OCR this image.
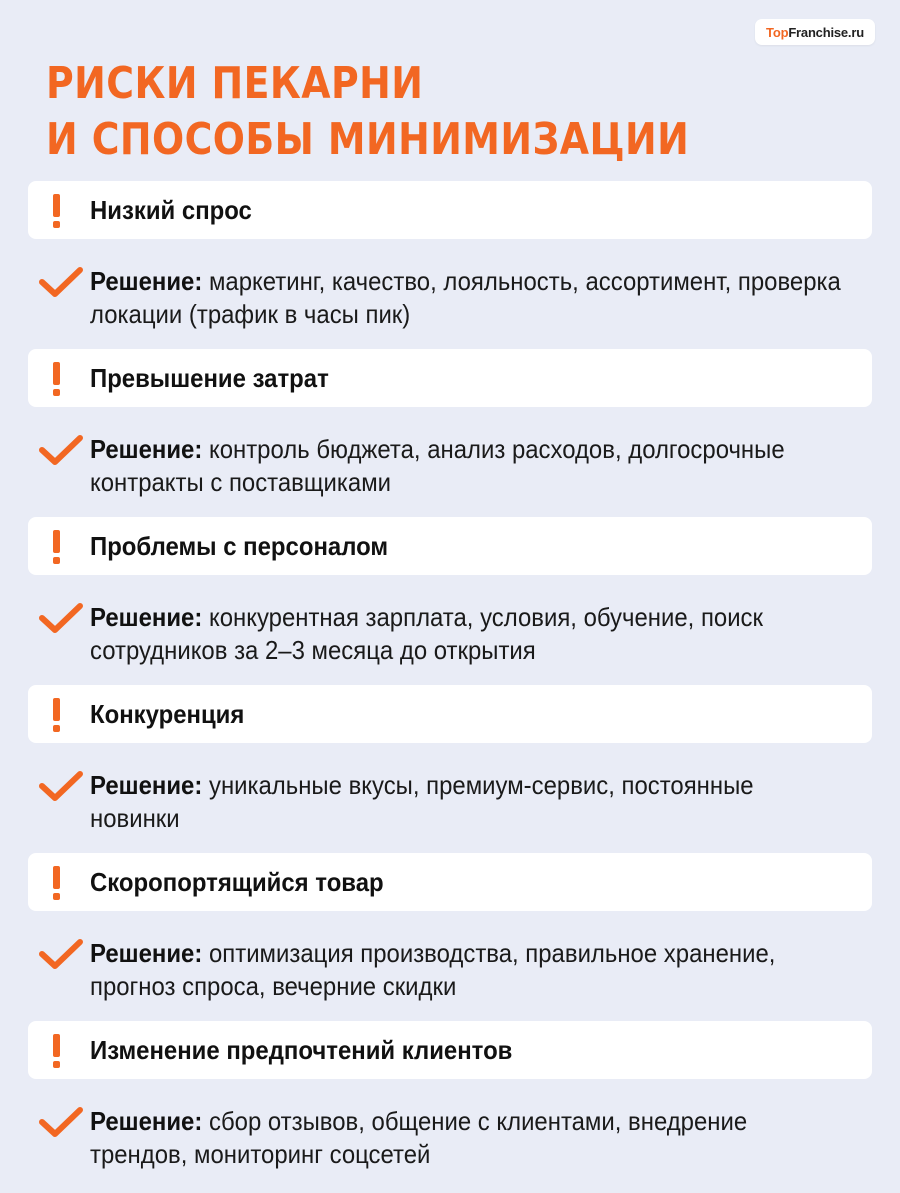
Top Franchise.ru
РИСКИ ПЕКАРНИ
И СПОСОБЫ МИНИМИЗАЦИИ
Низкий спрос
Решение: маркетинг, качество, лояльность, ассортимент, проверка локации (трафик в часы пик)
Превышение затрат
Решение: контроль бюджета, анализ расходов, долгосрочные контракты с поставщиками
Проблемы с персоналом
Решение: конкурентная зарплата, условия, обучение, поиск сотрудников за 2–3 месяца до открытия
Конкуренция
Решение: уникальные вкусы, премиум-сервис, постоянные новинки
Скоропортящийся товар
Решение: оптимизация производства, правильное хранение, прогноз спроса, вечерние скидки
Изменение предпочтений клиентов
Решение: сбор отзывов, общение с клиентами, внедрение трендов, мониторинг соцсетей
